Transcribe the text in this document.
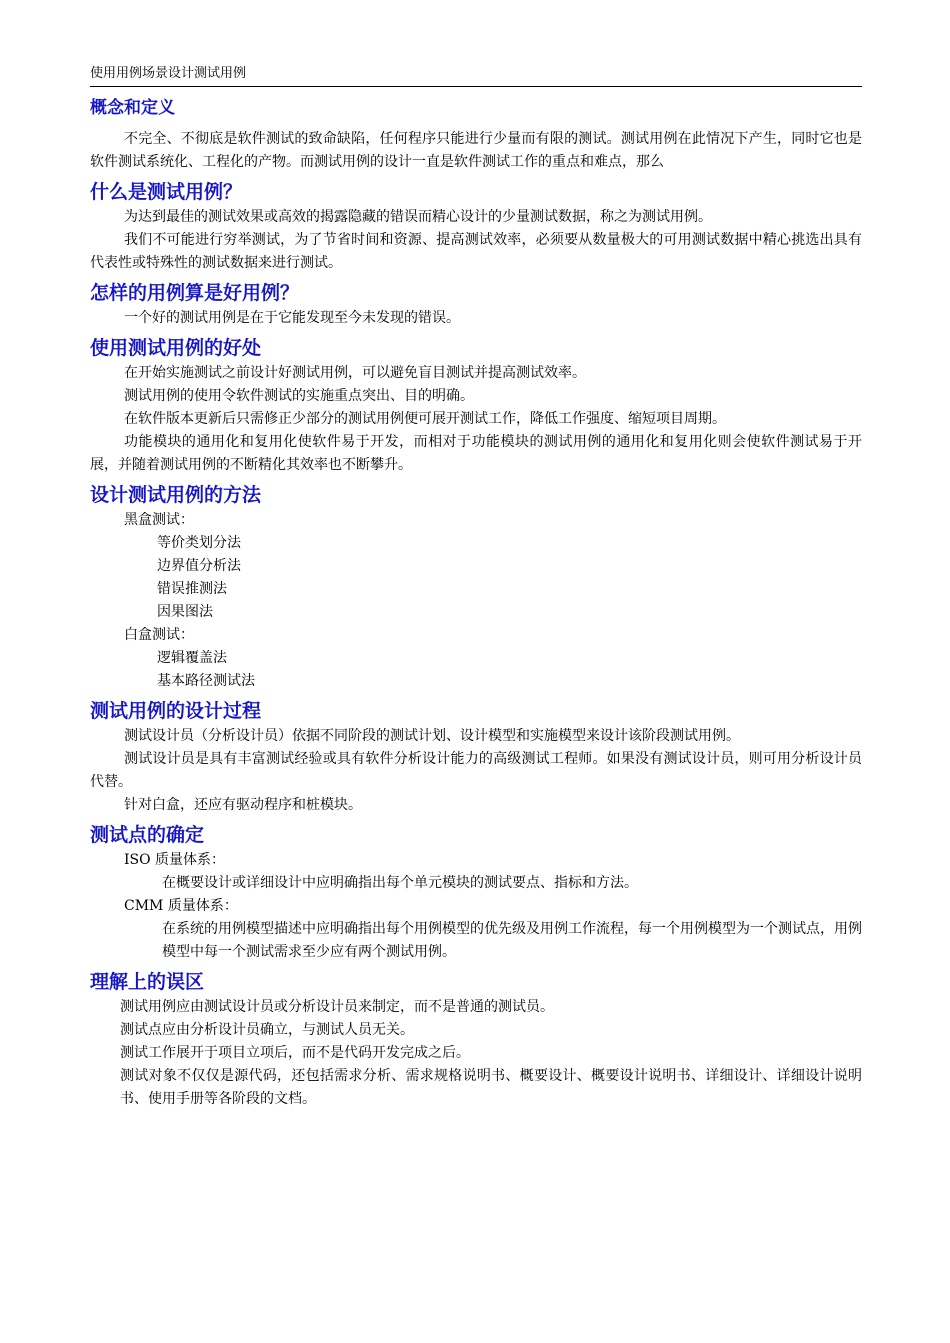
使用用例场景设计测试用例
概念和定义

不完全、不彻底是软件测试的致命缺陷，任何程序只能进行少量而有限的测试。测试用例在此情况下产生，同时它也是软件测试系统化、工程化的产物。而测试用例的设计一直是软件测试工作的重点和难点，那么

什么是测试用例？

为达到最佳的测试效果或高效的揭露隐藏的错误而精心设计的少量测试数据，称之为测试用例。

我们不可能进行穷举测试，为了节省时间和资源、提高测试效率，必须要从数量极大的可用测试数据中精心挑选出具有代表性或特殊性的测试数据来进行测试。

怎样的用例算是好用例？

一个好的测试用例是在于它能发现至今未发现的错误。

使用测试用例的好处

在开始实施测试之前设计好测试用例，可以避免盲目测试并提高测试效率。

测试用例的使用令软件测试的实施重点突出、目的明确。

在软件版本更新后只需修正少部分的测试用例便可展开测试工作，降低工作强度、缩短项目周期。

功能模块的通用化和复用化使软件易于开发，而相对于功能模块的测试用例的通用化和复用化则会使软件测试易于开展，并随着测试用例的不断精化其效率也不断攀升。

设计测试用例的方法
黑盒测试：
等价类划分法
边界值分析法
错误推测法
因果图法
白盒测试：
逻辑覆盖法
基本路径测试法
测试用例的设计过程

测试设计员（分析设计员）依据不同阶段的测试计划、设计模型和实施模型来设计该阶段测试用例。

测试设计员是具有丰富测试经验或具有软件分析设计能力的高级测试工程师。如果没有测试设计员，则可用分析设计员代替。

针对白盒，还应有驱动程序和桩模块。

测试点的确定
ISO 质量体系：
在概要设计或详细设计中应明确指出每个单元模块的测试要点、指标和方法。
CMM 质量体系：
在系统的用例模型描述中应明确指出每个用例模型的优先级及用例工作流程，每一个用例模型为一个测试点，用例模型中每一个测试需求至少应有两个测试用例。
理解上的误区

测试用例应由测试设计员或分析设计员来制定，而不是普通的测试员。

测试点应由分析设计员确立，与测试人员无关。

测试工作展开于项目立项后，而不是代码开发完成之后。

测试对象不仅仅是源代码，还包括需求分析、需求规格说明书、概要设计、概要设计说明书、详细设计、详细设计说明书、使用手册等各阶段的文档。
